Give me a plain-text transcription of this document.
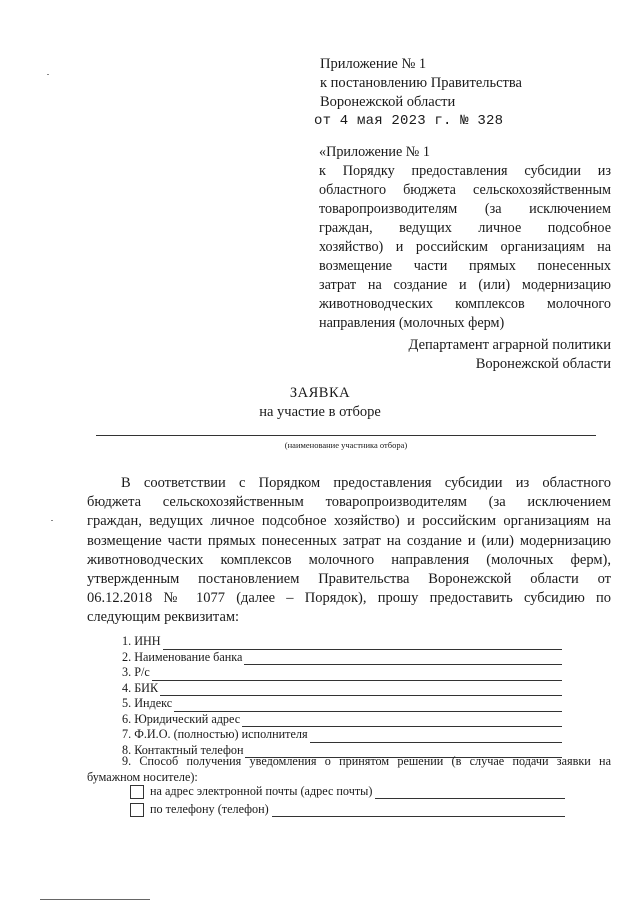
Приложение № 1
к постановлению Правительства
Воронежской области
от 4 мая 2023 г. № 328
«Приложение № 1
к Порядку предоставления субсидии из
областного бюджета сельскохозяйственным
товаропроизводителям (за исключением
граждан, ведущих личное подсобное
хозяйство) и российским организациям на
возмещение части прямых понесенных
затрат на создание и (или) модернизацию
животноводческих комплексов молочного
направления (молочных ферм)
Департамент аграрной политики
Воронежской области
ЗАЯВКА
на участие в отборе
(наименование участника отбора)
В соответствии с Порядком предоставления субсидии из областного
бюджета сельскохозяйственным товаропроизводителям (за исключением
граждан, ведущих личное подсобное хозяйство) и российским организациям на
возмещение части прямых понесенных затрат на создание и (или) модернизацию
животноводческих комплексов молочного направления (молочных ферм),
утвержденным постановлением Правительства Воронежской области от
06.12.2018 № 1077 (далее – Порядок), прошу предоставить субсидию по
следующим реквизитам:
1. ИНН
2. Наименование банка
3. Р/с
4. БИК
5. Индекс
6. Юридический адрес
7. Ф.И.О. (полностью) исполнителя
8. Контактный телефон
9. Способ получения уведомления о принятом решении (в случае подачи заявки на
бумажном носителе):
на адрес электронной почты (адрес почты)
по телефону (телефон)
